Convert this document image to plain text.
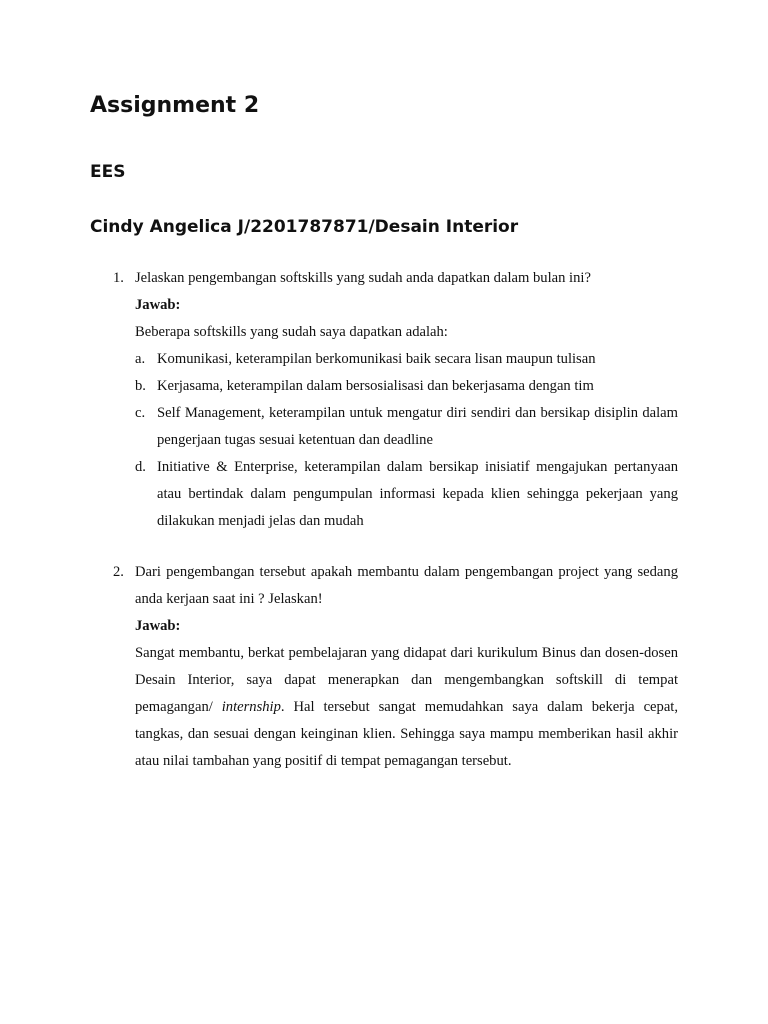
Assignment 2
EES
Cindy Angelica J/2201787871/Desain Interior
1. Jelaskan pengembangan softskills yang sudah anda dapatkan dalam bulan ini?
Jawab:
Beberapa softskills yang sudah saya dapatkan adalah:
a. Komunikasi, keterampilan berkomunikasi baik secara lisan maupun tulisan
b. Kerjasama, keterampilan dalam bersosialisasi dan bekerjasama dengan tim
c. Self Management, keterampilan untuk mengatur diri sendiri dan bersikap disiplin dalam pengerjaan tugas sesuai ketentuan dan deadline
d. Initiative & Enterprise, keterampilan dalam bersikap inisiatif mengajukan pertanyaan atau bertindak dalam pengumpulan informasi kepada klien sehingga pekerjaan yang dilakukan menjadi jelas dan mudah
2. Dari pengembangan tersebut apakah membantu dalam pengembangan project yang sedang anda kerjaan saat ini ? Jelaskan!
Jawab:
Sangat membantu, berkat pembelajaran yang didapat dari kurikulum Binus dan dosen-dosen Desain Interior, saya dapat menerapkan dan mengembangkan softskill di tempat pemagangan/ internship. Hal tersebut sangat memudahkan saya dalam bekerja cepat, tangkas, dan sesuai dengan keinginan klien. Sehingga saya mampu memberikan hasil akhir atau nilai tambahan yang positif di tempat pemagangan tersebut.
